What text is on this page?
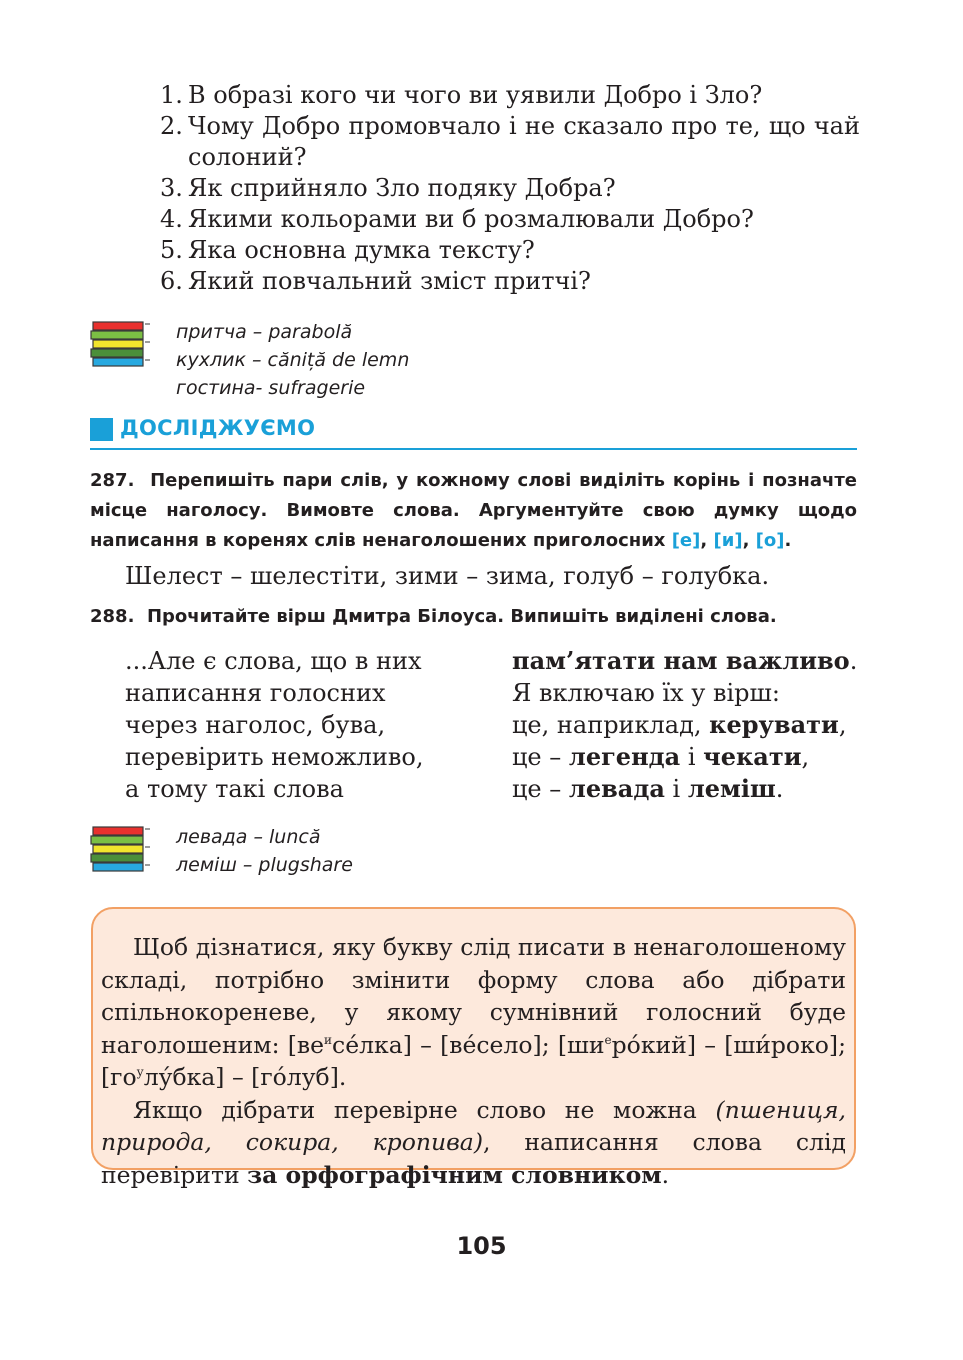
1. В образі кого чи чого ви уявили Добро і Зло?
2. Чому Добро промовчало і не сказало про те, що чай солоний?
3. Як сприйняло Зло подяку Добра?
4. Якими кольорами ви б розмалювали Добро?
5. Яка основна думка тексту?
6. Який повчальний зміст притчі?
притча – parabolă
кухлик – căniță de lemn
гостина- sufragerie
ДОСЛІДЖУЄМО
287. Перепишіть пари слів, у кожному слові виділіть корінь і позначте місце наголосу. Вимовте слова. Аргументуйте свою думку щодо написання в коренях слів ненаголошених приголосних [е], [и], [о].
Шелест – шелестіти, зими – зима, голуб – голубка.
288. Прочитайте вірш Дмитра Білоуса. Випишіть виділені слова.
...Але є слова, що в них
написання голосних
через наголос, бува,
перевірить неможливо,
а тому такі слова
пам’ятати нам важливо.
Я включаю їх у вірш:
це, наприклад, керувати,
це – легенда і чекати,
це – левада і леміш.
левада – luncă
леміш – plugshare

Щоб дізнатися, яку букву слід писати в ненаголошеному складі, потрібно змінити форму слова або дібрати спільнокореневе, у якому сумнівний голосний буде наголошеним: $[ве^исе́лка]$ – [ве́село]; $[ши^еро́кий]$ – [ши́роко]; $[го^улу́бка]$ – [го́луб].

Якщо дібрати перевірне слово не можна (пшениця, природа, сокира, кропива), написання слова слід перевірити за орфографічним словником.

105
